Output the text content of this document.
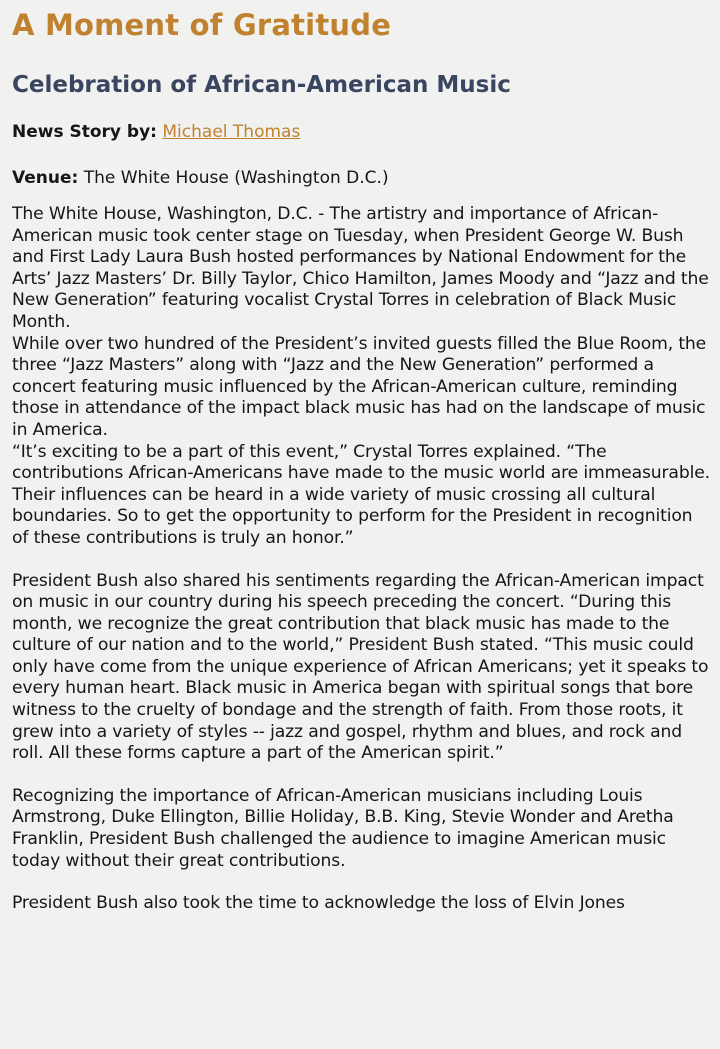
A Moment of Gratitude
Celebration of African-American Music

News Story by: Michael Thomas

Venue: The White House (Washington D.C.)

The White House, Washington, D.C. - The artistry and importance of African-American music took center stage on Tuesday, when President George W. Bush and First Lady Laura Bush hosted performances by National Endowment for the Arts’ Jazz Masters’ Dr. Billy Taylor, Chico Hamilton, James Moody and “Jazz and the New Generation” featuring vocalist Crystal Torres in celebration of Black Music Month.

While over two hundred of the President’s invited guests filled the Blue Room, the three “Jazz Masters” along with “Jazz and the New Generation” performed a concert featuring music influenced by the African-American culture, reminding those in attendance of the impact black music has had on the landscape of music in America.

“It’s exciting to be a part of this event,” Crystal Torres explained. “The contributions African-Americans have made to the music world are immeasurable. Their influences can be heard in a wide variety of music crossing all cultural boundaries. So to get the opportunity to perform for the President in recognition of these contributions is truly an honor.”

President Bush also shared his sentiments regarding the African-American impact on music in our country during his speech preceding the concert. “During this month, we recognize the great contribution that black music has made to the culture of our nation and to the world,” President Bush stated. “This music could only have come from the unique experience of African Americans; yet it speaks to every human heart. Black music in America began with spiritual songs that bore witness to the cruelty of bondage and the strength of faith. From those roots, it grew into a variety of styles -- jazz and gospel, rhythm and blues, and rock and roll. All these forms capture a part of the American spirit.”

Recognizing the importance of African-American musicians including Louis Armstrong, Duke Ellington, Billie Holiday, B.B. King, Stevie Wonder and Aretha Franklin, President Bush challenged the audience to imagine American music today without their great contributions.

President Bush also took the time to acknowledge the loss of Elvin Jones
